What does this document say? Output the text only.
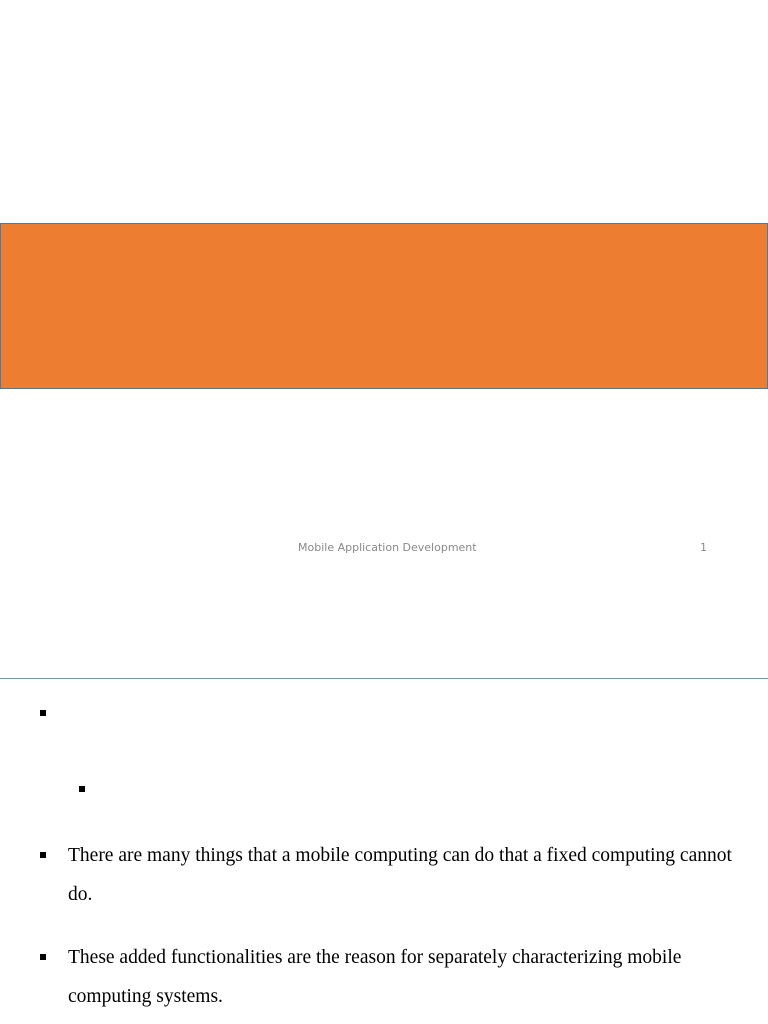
Mobile Application Development	1
There are many things that a mobile computing can do that a fixed computing cannot do.
These added functionalities are the reason for separately characterizing mobile computing systems.
